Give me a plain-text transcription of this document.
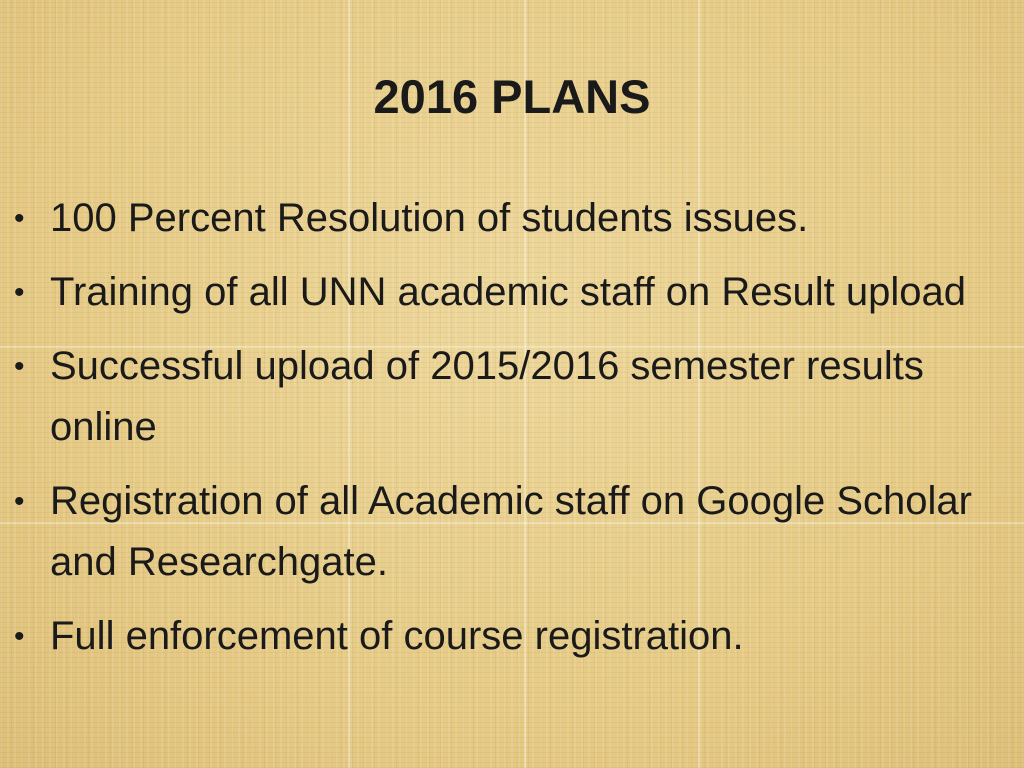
2016 PLANS
• 100 Percent Resolution of students issues.
• Training of all UNN academic staff on Result upload
• Successful upload of 2015/2016 semester results online
• Registration of all Academic staff on Google Scholar and Researchgate.
• Full enforcement of course registration.
